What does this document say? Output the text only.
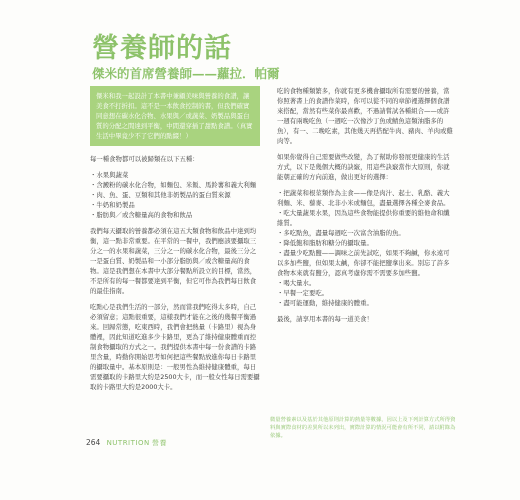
營養師的話
傑米的首席營養師——蘿拉．帕爾

傑米和我一起設計了本書中兼顧美味與營養的食譜，讓美食不打折扣。這不是一本飲食控制的書，但我們確實同意想在碳水化合物、水果與／或蔬菜、奶製品與蛋白質的分配之間達到平衡，中間還穿插了甜點食譜。（真實生活中畢竟少不了它們的點綴！）

每一種食物都可以被歸類在以下五種：

・水果與蔬菜
・含澱粉的碳水化合物，如麵包、米飯、馬鈴薯和義大利麵
・肉、魚、蛋、豆類和其他非奶製品的蛋白質來源
・牛奶和奶製品
・脂肪與／或含糖量高的食物和飲品

我們每天攝取的營養都必須在這五大類食物和飲品中達到均衡，這一點非常重要。在平常的一餐中，我們應該要攝取三分之一的水果和蔬菜，三分之一的碳水化合物，最後三分之一是蛋白質、奶製品和一小部分脂肪與／或含糖量高的食物。這是我們想在本書中大部分餐點所設立的目標，當然，不是所有的每一餐都要達到平衡，但它可作為我們每日飲食的最佳指南。

吃點心是我們生活的一部分，然而當我們吃得太多時，自己必須留意；這點很重要，這樣我們才能在之後的幾餐平衡過來。回歸常態，吃東西時，我們會把熱量（卡路里）視為身體裡，因此知道吃進多少卡路里，更為了維持健康體重而控制食物攝取的方式之一。我們提供本書中每一份食譜的卡路里含量，時勤你開始思考如何把這些餐點放進你每日卡路里的攝取量中。基本原則是：一般男性為維持健康體重，每日需要攝取的卡路里大約是2500大卡，而一般女性每日需要攝取的卡路里大約是2000大卡。

吃的食物種類繁多，你就有更多機會攝取所有需要的營養，當你照著書上的食譜作菜時，你可以從不同的章節裡選擇個食譜來搭配，當然有些菜你最喜歡，不過請嘗試各種組合——或許一週有兩晚吃魚（一週吃一次像沙丁魚或鯖魚這類油脂多的魚），有一、二晚吃素，其他幾天再搭配牛肉、豬肉、羊肉或雞肉等。

如果你覺得自己需要做些改變，為了幫助你發展更健康的生活方式，以下是幾個大概的訣竅，用這些訣竅當作大原則，你就能朝正確的方向前進，做出更好的選擇：

・把蔬菜和根莖類作為主食——像是肉汁、起士、乳酪、義大利麵、米、藜麥、北非小米或麵包，盡量選擇各種全麥食品。
・吃大量蔬果水果，因為這些食物能提供你重要的維他命和纖維質。
・多吃點魚，盡量每週吃一次富含油脂的魚。
・降低飽和脂肪和糖分的攝取量。
・盡量少吃點鹽——調味之前先試吃，如果不夠鹹，你永遠可以多加些鹽，但如果太鹹，你卻不能把鹽拿出來。別忘了許多食物本來就有鹽分，認真考慮你需不需要多加些鹽。
・喝大量水。
・早餐一定要吃。
・盡可能運動，維持健康的體重。

最後，請享用本書的每一道美食！

微量營養素以及基於其他原則計算的熱量等數據，因以上及下列計算方式所得資料與實際食材的差異所以未列出，實際計算的情況可能會有所不同，請以附錄為依據。

264 NUTRITION 營養
